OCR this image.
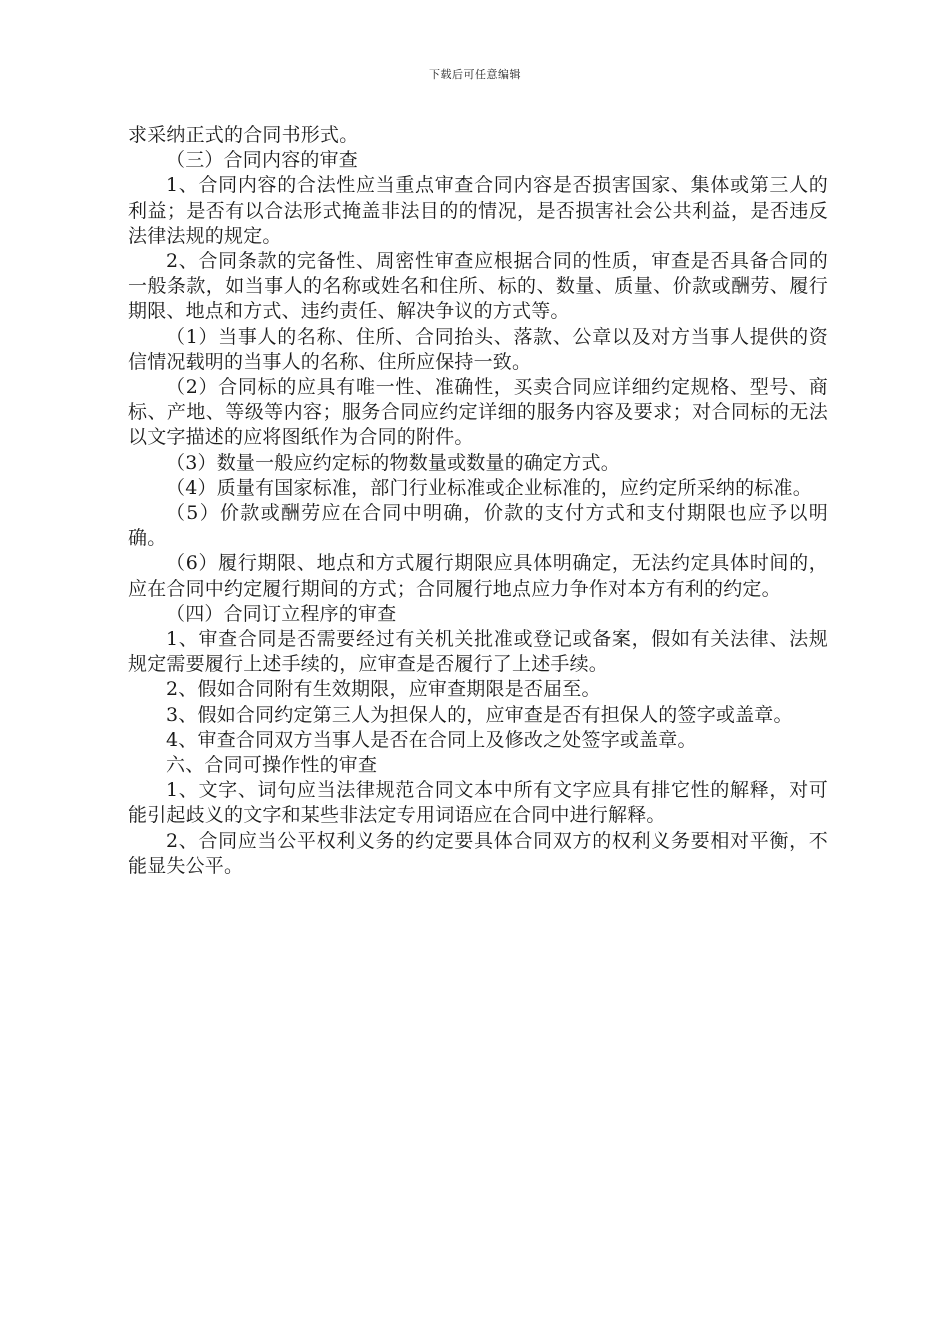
下载后可任意编辑

求采纳正式的合同书形式。

（三）合同内容的审查

1、合同内容的合法性应当重点审查合同内容是否损害国家、集体或第三人的利益；是否有以合法形式掩盖非法目的的情况，是否损害社会公共利益，是否违反法律法规的规定。

2、合同条款的完备性、周密性审查应根据合同的性质，审查是否具备合同的一般条款，如当事人的名称或姓名和住所、标的、数量、质量、价款或酬劳、履行期限、地点和方式、违约责任、解决争议的方式等。

（1）当事人的名称、住所、合同抬头、落款、公章以及对方当事人提供的资信情况载明的当事人的名称、住所应保持一致。

（2）合同标的应具有唯一性、准确性，买卖合同应详细约定规格、型号、商标、产地、等级等内容；服务合同应约定详细的服务内容及要求；对合同标的无法以文字描述的应将图纸作为合同的附件。

（3）数量一般应约定标的物数量或数量的确定方式。

（4）质量有国家标准，部门行业标准或企业标准的，应约定所采纳的标准。

（5）价款或酬劳应在合同中明确，价款的支付方式和支付期限也应予以明确。

（6）履行期限、地点和方式履行期限应具体明确定，无法约定具体时间的，应在合同中约定履行期间的方式；合同履行地点应力争作对本方有利的约定。

（四）合同订立程序的审查

1、审查合同是否需要经过有关机关批准或登记或备案，假如有关法律、法规规定需要履行上述手续的，应审查是否履行了上述手续。

2、假如合同附有生效期限，应审查期限是否届至。

3、假如合同约定第三人为担保人的，应审查是否有担保人的签字或盖章。

4、审查合同双方当事人是否在合同上及修改之处签字或盖章。

六、合同可操作性的审查

1、文字、词句应当法律规范合同文本中所有文字应具有排它性的解释，对可能引起歧义的文字和某些非法定专用词语应在合同中进行解释。

2、合同应当公平权利义务的约定要具体合同双方的权利义务要相对平衡，不能显失公平。
